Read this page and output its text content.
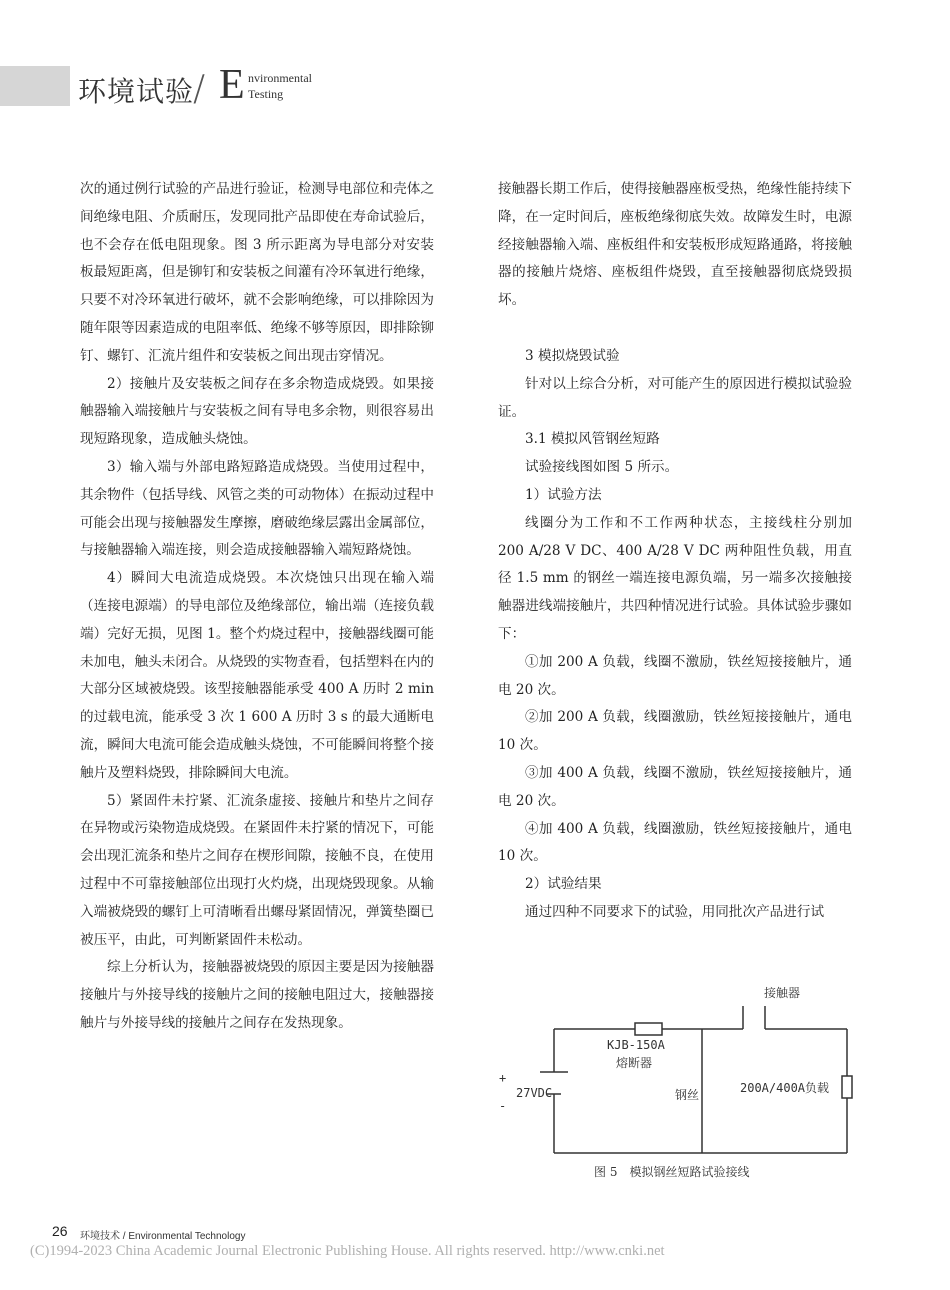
环境试验
/ E nvironmental
Testing

次的通过例行试验的产品进行验证，检测导电部位和壳体之间绝缘电阻、介质耐压，发现同批产品即使在寿命试验后，也不会存在低电阻现象。图 3 所示距离为导电部分对安装板最短距离，但是铆钉和安装板之间灌有冷环氧进行绝缘，只要不对冷环氧进行破坏，就不会影响绝缘，可以排除因为随年限等因素造成的电阻率低、绝缘不够等原因，即排除铆钉、螺钉、汇流片组件和安装板之间出现击穿情况。

2）接触片及安装板之间存在多余物造成烧毁。如果接触器输入端接触片与安装板之间有导电多余物，则很容易出现短路现象，造成触头烧蚀。

3）输入端与外部电路短路造成烧毁。当使用过程中，其余物件（包括导线、风管之类的可动物体）在振动过程中可能会出现与接触器发生摩擦，磨破绝缘层露出金属部位，与接触器输入端连接，则会造成接触器输入端短路烧蚀。

4）瞬间大电流造成烧毁。本次烧蚀只出现在输入端（连接电源端）的导电部位及绝缘部位，输出端（连接负载端）完好无损，见图 1。整个灼烧过程中，接触器线圈可能未加电，触头未闭合。从烧毁的实物查看，包括塑料在内的大部分区域被烧毁。该型接触器能承受 400 A 历时 2 min 的过载电流，能承受 3 次 1 600 A 历时 3 s 的最大通断电流，瞬间大电流可能会造成触头烧蚀，不可能瞬间将整个接触片及塑料烧毁，排除瞬间大电流。

5）紧固件未拧紧、汇流条虚接、接触片和垫片之间存在异物或污染物造成烧毁。在紧固件未拧紧的情况下，可能会出现汇流条和垫片之间存在楔形间隙，接触不良，在使用过程中不可靠接触部位出现打火灼烧，出现烧毁现象。从输入端被烧毁的螺钉上可清晰看出螺母紧固情况，弹簧垫圈已被压平，由此，可判断紧固件未松动。

综上分析认为，接触器被烧毁的原因主要是因为接触器接触片与外接导线的接触片之间的接触电阻过大，接触器接触片与外接导线的接触片之间存在发热现象。

接触器长期工作后，使得接触器座板受热，绝缘性能持续下降，在一定时间后，座板绝缘彻底失效。故障发生时，电源经接触器输入端、座板组件和安装板形成短路通路，将接触器的接触片烧熔、座板组件烧毁，直至接触器彻底烧毁损坏。

3 模拟烧毁试验

针对以上综合分析，对可能产生的原因进行模拟试验验证。

3.1 模拟风管钢丝短路

试验接线图如图 5 所示。

1）试验方法

线圈分为工作和不工作两种状态，主接线柱分别加 200 A/28 V DC、400 A/28 V DC 两种阻性负载，用直径 1.5 mm 的钢丝一端连接电源负端，另一端多次接触接触器进线端接触片，共四种情况进行试验。具体试验步骤如下：

①加 200 A 负载，线圈不激励，铁丝短接接触片，通电 20 次。

②加 200 A 负载，线圈激励，铁丝短接接触片，通电 10 次。

③加 400 A 负载，线圈不激励，铁丝短接接触片，通电 20 次。

④加 400 A 负载，线圈激励，铁丝短接接触片，通电 10 次。

2）试验结果

通过四种不同要求下的试验，用同批次产品进行试

接触器
KJB-150A
熔断器
+
-
27VDC	钢丝	200A/400A负载
图 5　模拟钢丝短路试验接线
26 环境技术 / Environmental Technology
(C)1994-2023 China Academic Journal Electronic Publishing House. All rights reserved. http://www.cnki.net
